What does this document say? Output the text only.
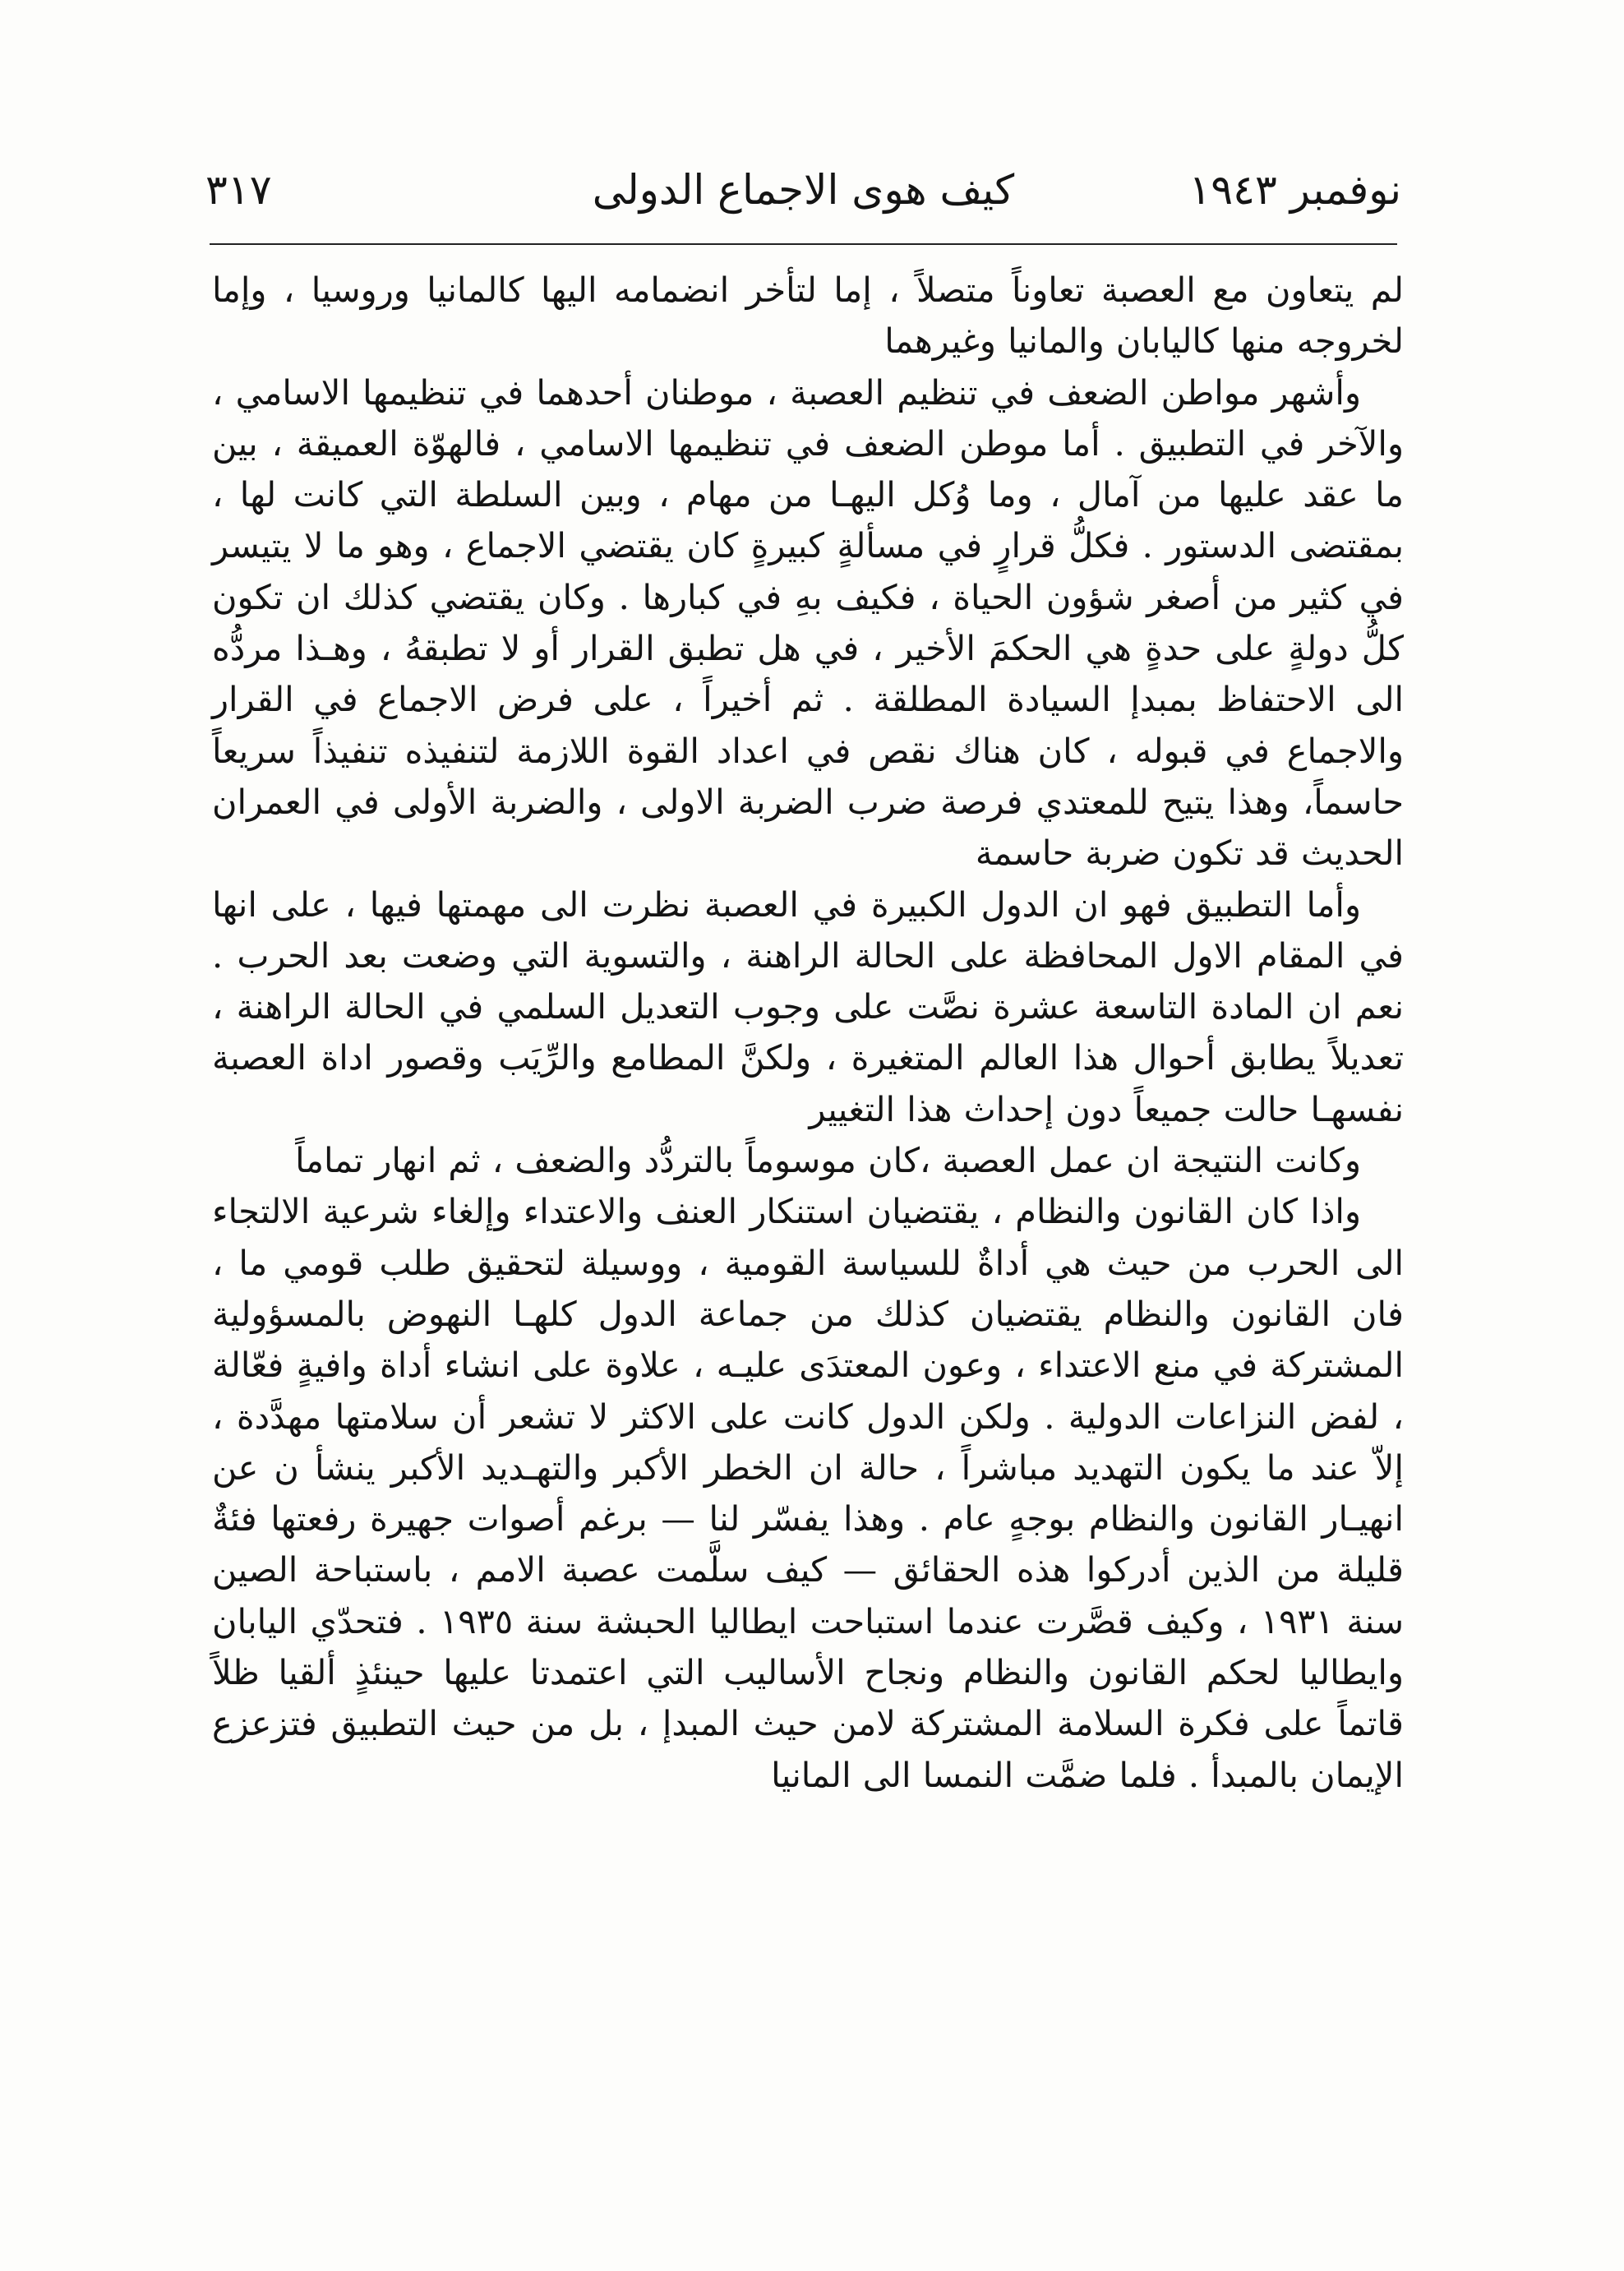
نوفمبر ١٩٤٣
كيف هوى الاجماع الدولى
٣١٧

لم يتعاون مع العصبة تعاوناً متصلاً ، إما لتأخر انضمامه اليها كالمانيا وروسيا ، وإما لخروجه منها كاليابان والمانيا وغيرهما

وأشهر مواطن الضعف في تنظيم العصبة ، موطنان أحدهما في تنظيمها الاسامي ، والآخر في التطبيق . أما موطن الضعف في تنظيمها الاسامي ، فالهوّة العميقة ، بين ما عقد عليها من آمال ، وما وُكل اليهـا من مهام ، وبين السلطة التي كانت لها ، بمقتضى الدستور . فكلُّ قرارٍ في مسألةٍ كبيرةٍ كان يقتضي الاجماع ، وهو ما لا يتيسر في كثير من أصغر شؤون الحياة ، فكيف بهِ في كبارها . وكان يقتضي كذلك ان تكون كلُّ دولةٍ على حدةٍ هي الحكمَ الأخير ، في هل تطبق القرار أو لا تطبقهُ ، وهـذا مردُّه الى الاحتفاظ بمبدإ السيادة المطلقة . ثم أخيراً ، على فرض الاجماع في القرار والاجماع في قبوله ، كان هناك نقص في اعداد القوة اللازمة لتنفيذه تنفيذاً سريعاً حاسماً، وهذا يتيح للمعتدي فرصة ضرب الضربة الاولى ، والضربة الأولى في العمران الحديث قد تكون ضربة حاسمة

وأما التطبيق فهو ان الدول الكبيرة في العصبة نظرت الى مهمتها فيها ، على انها في المقام الاول المحافظة على الحالة الراهنة ، والتسوية التي وضعت بعد الحرب . نعم ان المادة التاسعة عشرة نصَّت على وجوب التعديل السلمي في الحالة الراهنة ، تعديلاً يطابق أحوال هذا العالم المتغيرة ، ولكنَّ المطامع والرِّيَب وقصور اداة العصبة نفسهـا حالت جميعاً دون إحداث هذا التغيير

وكانت النتيجة ان عمل العصبة ،كان موسوماً بالتردُّد والضعف ، ثم انهار تماماً

واذا كان القانون والنظام ، يقتضيان استنكار العنف والاعتداء وإلغاء شرعية الالتجاء الى الحرب من حيث هي أداةٌ للسياسة القومية ، ووسيلة لتحقيق طلب قومي ما ، فان القانون والنظام يقتضيان كذلك من جماعة الدول كلهـا النهوض بالمسؤولية المشتركة في منع الاعتداء ، وعون المعتدَى عليـه ، علاوة على انشاء أداة وافيةٍ فعّالة ، لفض النزاعات الدولية . ولكن الدول كانت على الاكثر لا تشعر أن سلامتها مهدَّدة ، إلاّ عند ما يكون التهديد مباشراً ، حالة ان الخطر الأكبر والتهـديد الأكبر ينشأ ن عن انهيـار القانون والنظام بوجهٍ عام . وهذا يفسّر لنا — برغم أصوات جهيرة رفعتها فئةٌ قليلة من الذين أدركوا هذه الحقائق — كيف سلَّمت عصبة الامم ، باستباحة الصين سنة ١٩٣١ ، وكيف قصَّرت عندما استباحت ايطاليا الحبشة سنة ١٩٣٥ . فتحدّي اليابان وايطاليا لحكم القانون والنظام ونجاح الأساليب التي اعتمدتا عليها حينئذٍ ألقيا ظلاً قاتماً على فكرة السلامة المشتركة لامن حيث المبدإ ، بل من حيث التطبيق فتزعزع الإيمان بالمبدأ . فلما ضمَّت النمسا الى المانيا
